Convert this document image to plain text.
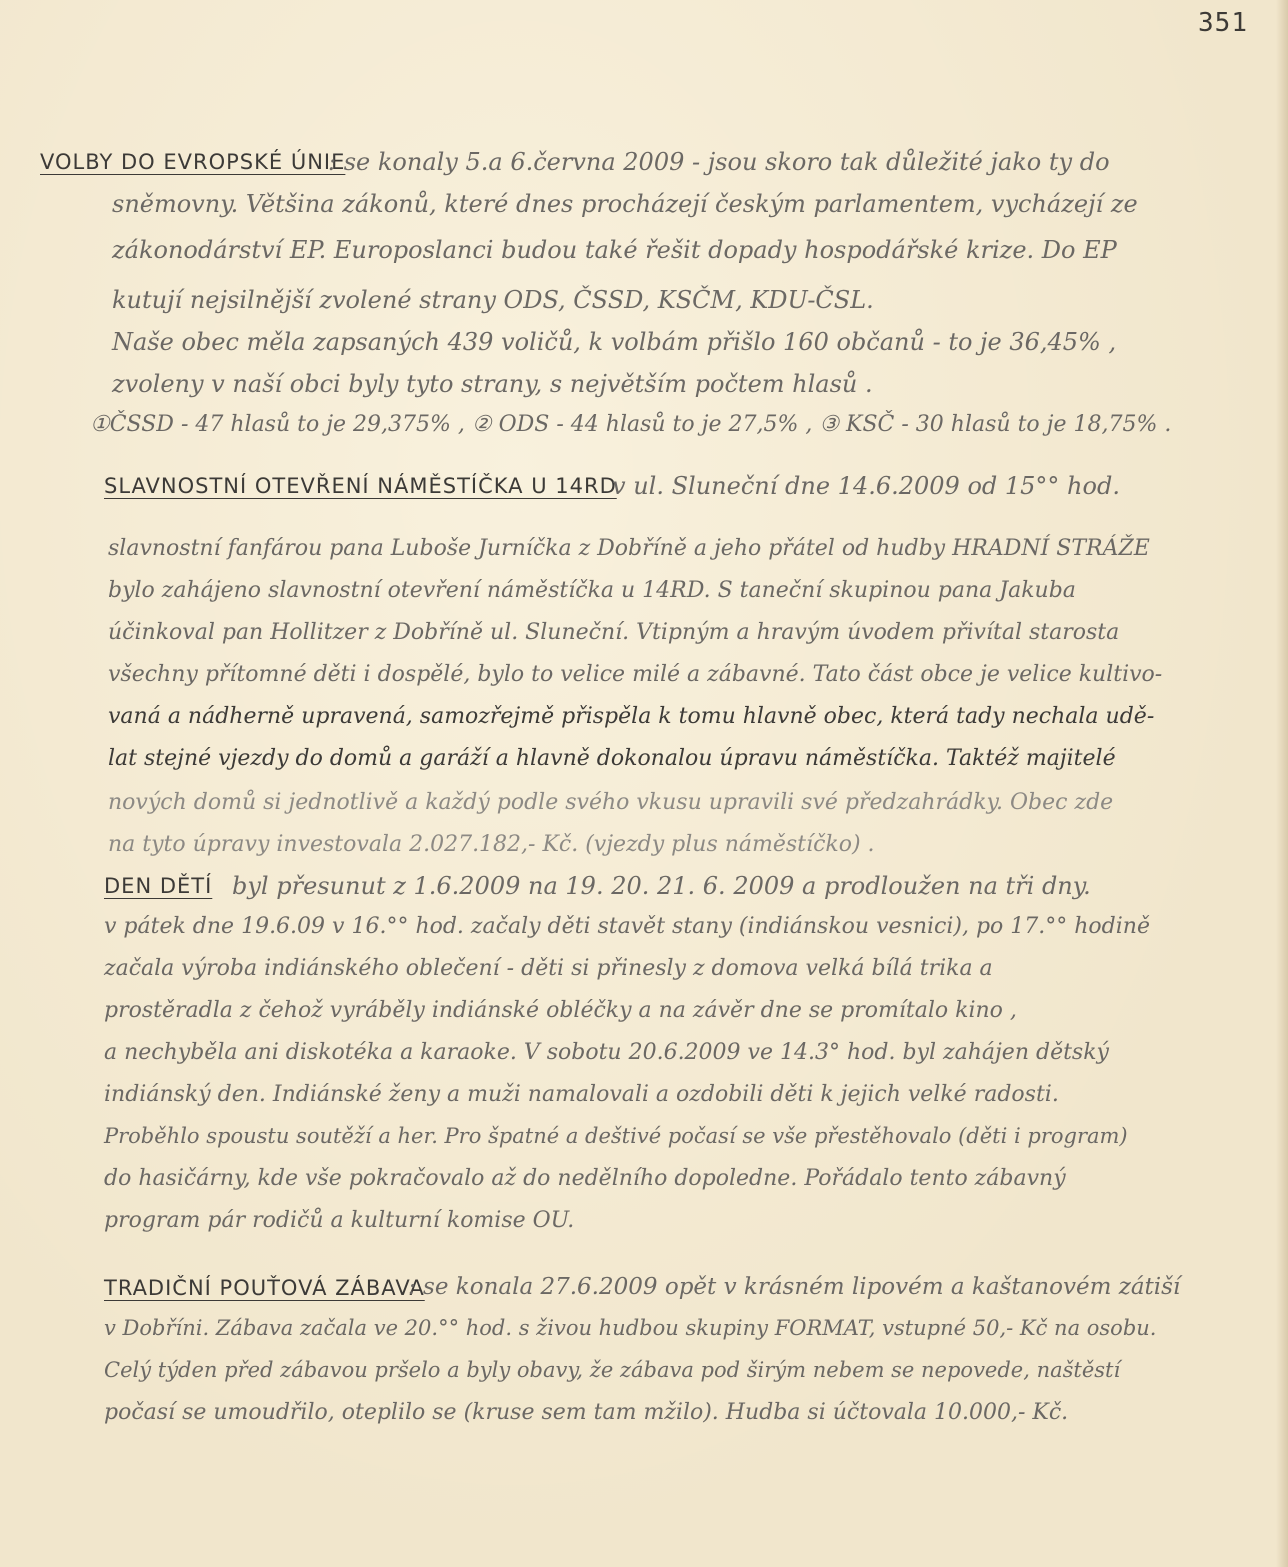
351
VOLBY DO EVROPSKÉ ÚNIE
: se konaly 5.a 6.června 2009 - jsou skoro tak důležité jako ty do
sněmovny. Většina zákonů, které dnes procházejí českým parlamentem, vycházejí ze
zákonodárství EP. Europoslanci budou také řešit dopady hospodářské krize. Do EP
kutují nejsilnější zvolené strany ODS, ČSSD, KSČM, KDU-ČSL.
Naše obec měla zapsaných 439 voličů, k volbám přišlo 160 občanů - to je 36,45% ,
zvoleny v naší obci byly tyto strany, s největším počtem hlasů .
①ČSSD - 47 hlasů to je 29,375% , ② ODS - 44 hlasů to je 27,5% , ③ KSČ - 30 hlasů to je 18,75% .
SLAVNOSTNÍ OTEVŘENÍ NÁMĚSTÍČKA U 14RD
v ul. Sluneční dne 14.6.2009 od 15°° hod.
slavnostní fanfárou pana Luboše Jurníčka z Dobříně a jeho přátel od hudby HRADNÍ STRÁŽE
bylo zahájeno slavnostní otevření náměstíčka u 14RD. S taneční skupinou pana Jakuba
účinkoval pan Hollitzer z Dobříně ul. Sluneční. Vtipným a hravým úvodem přivítal starosta
všechny přítomné děti i dospělé, bylo to velice milé a zábavné. Tato část obce je velice kultivo-
vaná a nádherně upravená, samozřejmě přispěla k tomu hlavně obec, která tady nechala udě-
lat stejné vjezdy do domů a garáží a hlavně dokonalou úpravu náměstíčka. Taktéž majitelé
nových domů si jednotlivě a každý podle svého vkusu upravili své předzahrádky. Obec zde
na tyto úpravy investovala 2.027.182,- Kč. (vjezdy plus náměstíčko) .
DEN DĚTÍ byl přesunut z 1.6.2009 na 19. 20. 21. 6. 2009 a prodloužen na tři dny.
v pátek dne 19.6.09 v 16.°° hod. začaly děti stavět stany (indiánskou vesnici), po 17.°° hodině
začala výroba indiánského oblečení - děti si přinesly z domova velká bílá trika a
prostěradla z čehož vyráběly indiánské obléčky a na závěr dne se promítalo kino ,
a nechyběla ani diskotéka a karaoke. V sobotu 20.6.2009 ve 14.3° hod. byl zahájen dětský
indiánský den. Indiánské ženy a muži namalovali a ozdobili děti k jejich velké radosti.
Proběhlo spoustu soutěží a her. Pro špatné a deštivé počasí se vše přestěhovalo (děti i program)
do hasičárny, kde vše pokračovalo až do nedělního dopoledne. Pořádalo tento zábavný
program pár rodičů a kulturní komise OU.
TRADIČNÍ POUŤOVÁ ZÁBAVA
: se konala 27.6.2009 opět v krásném lipovém a kaštanovém zátiší
v Dobříni. Zábava začala ve 20.°° hod. s živou hudbou skupiny FORMAT, vstupné 50,- Kč na osobu.
Celý týden před zábavou pršelo a byly obavy, že zábava pod širým nebem se nepovede, naštěstí
počasí se umoudřilo, oteplilo se (kruse sem tam mžilo). Hudba si účtovala 10.000,- Kč.
